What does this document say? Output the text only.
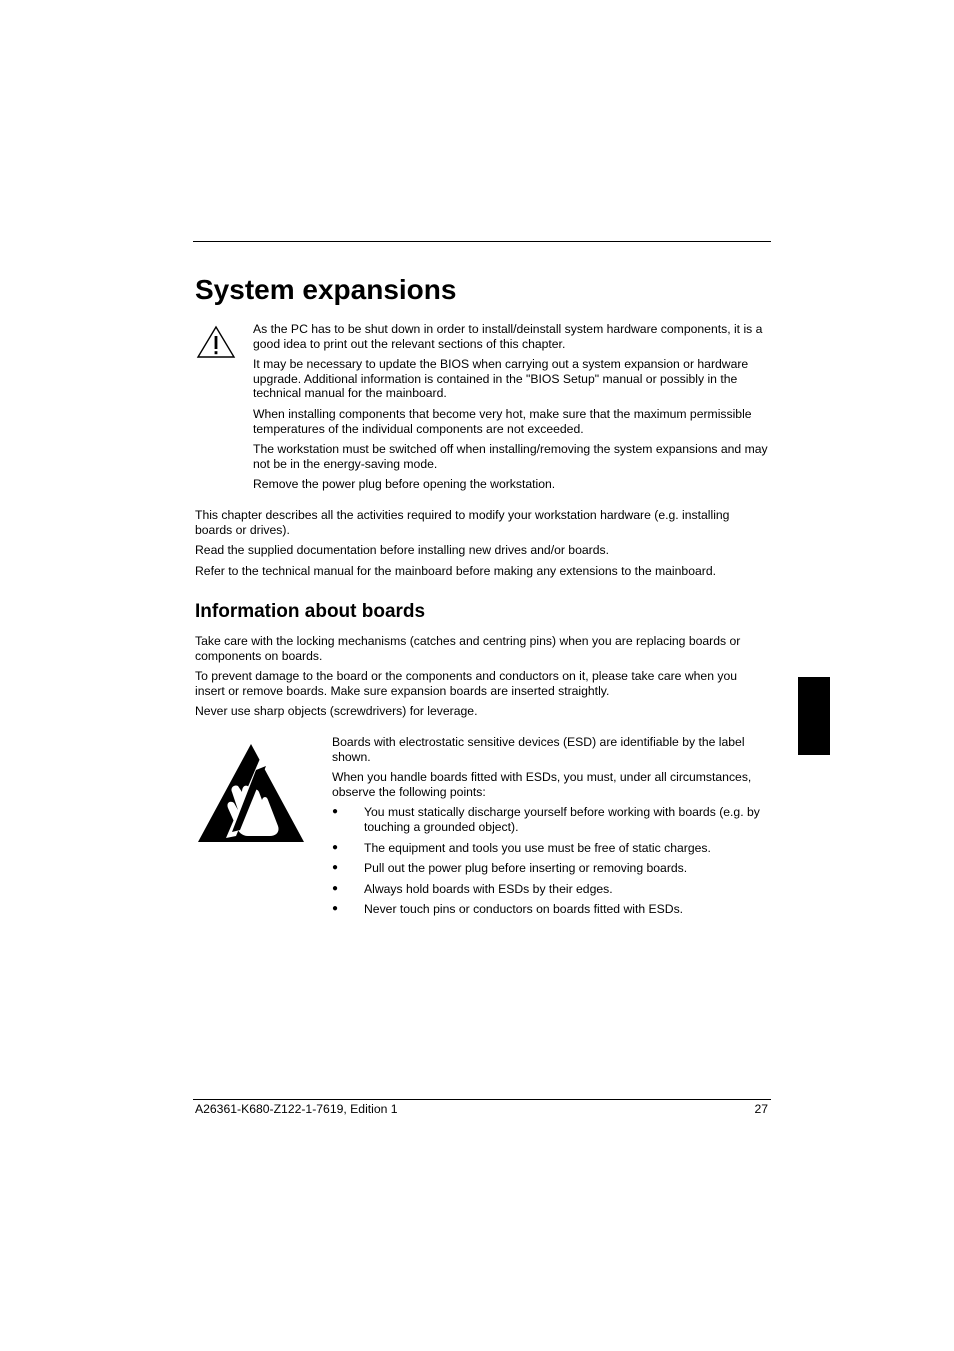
System expansions

As the PC has to be shut down in order to install/deinstall system hardware components, it is a good idea to print out the relevant sections of this chapter.

It may be necessary to update the BIOS when carrying out a system expansion or hardware upgrade. Additional information is contained in the "BIOS Setup" manual or possibly in the technical manual for the mainboard.

When installing components that become very hot, make sure that the maximum permissible temperatures of the individual components are not exceeded.

The workstation must be switched off when installing/removing the system expansions and may not be in the energy-saving mode.

Remove the power plug before opening the workstation.

This chapter describes all the activities required to modify your workstation hardware (e.g. installing boards or drives).

Read the supplied documentation before installing new drives and/or boards.

Refer to the technical manual for the mainboard before making any extensions to the mainboard.

Information about boards

Take care with the locking mechanisms (catches and centring pins) when you are replacing boards or components on boards.

To prevent damage to the board or the components and conductors on it, please take care when you insert or remove boards. Make sure expansion boards are inserted straightly.

Never use sharp objects (screwdrivers) for leverage.

Boards with electrostatic sensitive devices (ESD) are identifiable by the label shown.

When you handle boards fitted with ESDs, you must, under all circumstances, observe the following points:

● You must statically discharge yourself before working with boards (e.g. by touching a grounded object).
● The equipment and tools you use must be free of static charges.
● Pull out the power plug before inserting or removing boards.
● Always hold boards with ESDs by their edges.
● Never touch pins or conductors on boards fitted with ESDs.
A26361-K680-Z122-1-7619, Edition 1	27
